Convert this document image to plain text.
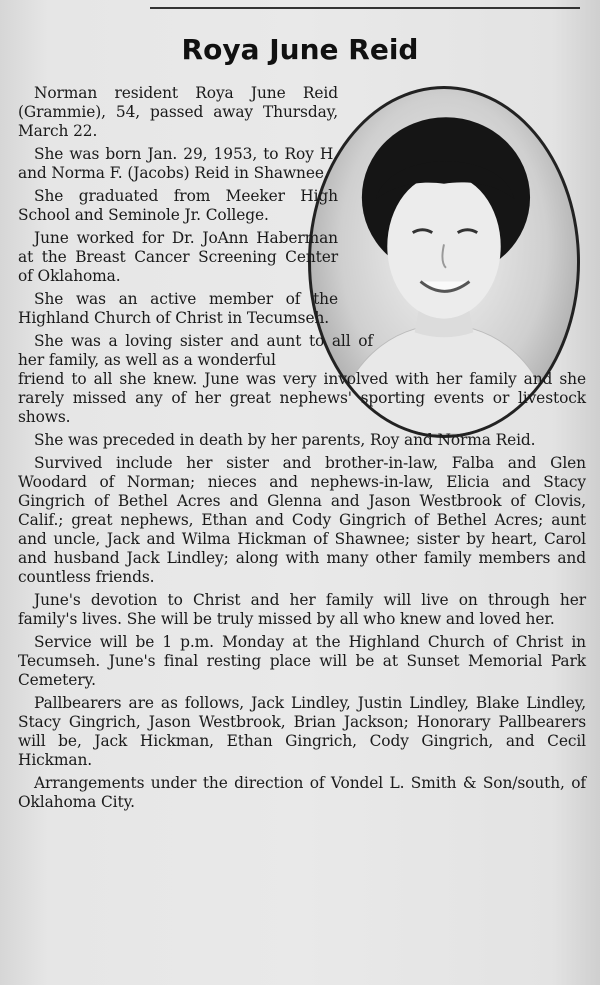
Roya June Reid

Norman resident Roya June Reid (Grammie), 54, passed away Thursday, March 22.

She was born Jan. 29, 1953, to Roy H. and Norma F. (Jacobs) Reid in Shawnee.

She graduated from Meeker High School and Seminole Jr. College.

June worked for Dr. JoAnn Haberman at the Breast Cancer Screening Center of Oklahoma.

She was an active member of the Highland Church of Christ in Tecumseh.

She was a loving sister and aunt to all of her family, as well as a wonderful

friend to all she knew. June was very involved with her family and she rarely missed any of her great nephews' sporting events or livestock shows.

She was preceded in death by her parents, Roy and Norma Reid.

Survived include her sister and brother-in-law, Falba and Glen Woodard of Norman; nieces and nephews-in-law, Elicia and Stacy Gingrich of Bethel Acres and Glenna and Jason Westbrook of Clovis, Calif.; great nephews, Ethan and Cody Gingrich of Bethel Acres; aunt and uncle, Jack and Wilma Hickman of Shawnee; sister by heart, Carol and husband Jack Lindley; along with many other family members and countless friends.

June's devotion to Christ and her family will live on through her family's lives. She will be truly missed by all who knew and loved her.

Service will be 1 p.m. Monday at the Highland Church of Christ in Tecumseh. June's final resting place will be at Sunset Memorial Park Cemetery.

Pallbearers are as follows, Jack Lindley, Justin Lindley, Blake Lindley, Stacy Gingrich, Jason Westbrook, Brian Jackson; Honorary Pallbearers will be, Jack Hickman, Ethan Gingrich, Cody Gingrich, and Cecil Hickman.

Arrangements under the direction of Vondel L. Smith & Son/south, of Oklahoma City.
